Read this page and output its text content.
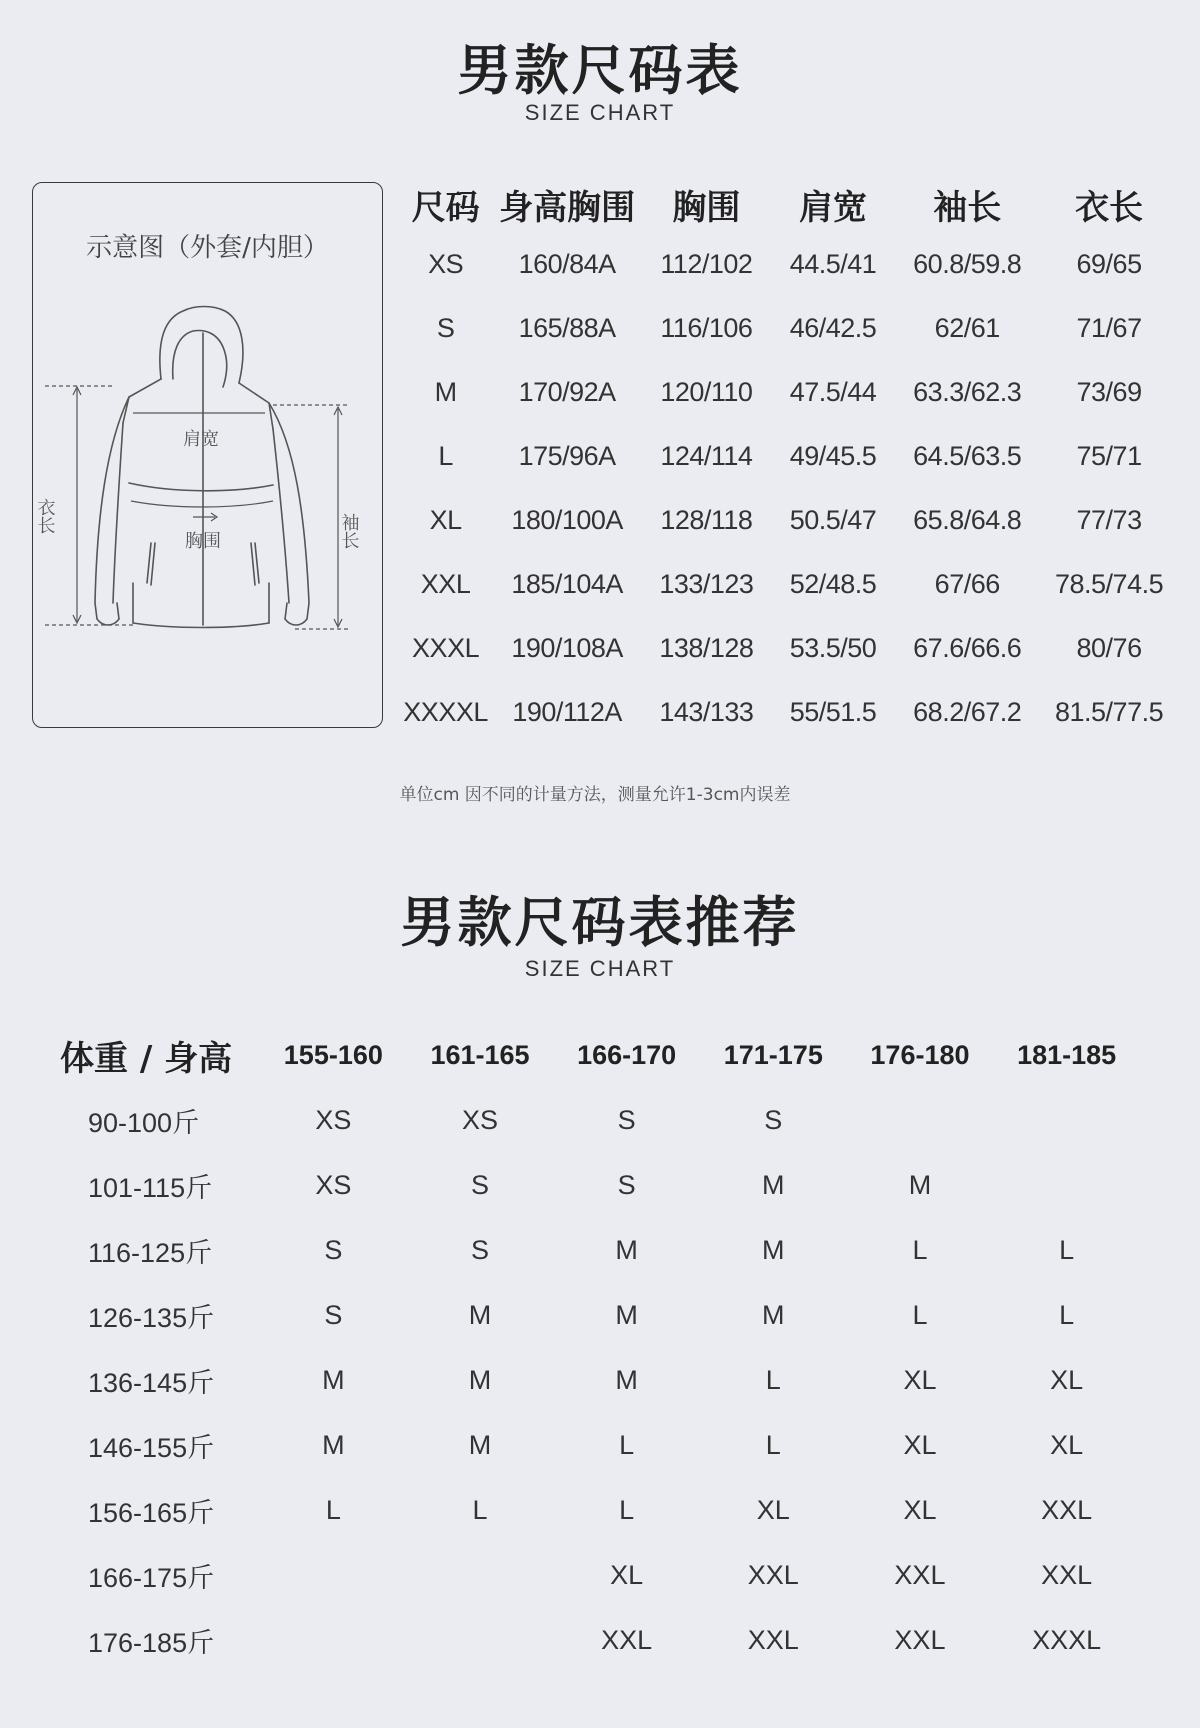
男款尺码表
SIZE CHART
示意图（外套/内胆）
肩宽
胸围
衣长	袖长
尺码	身高胸围	胸围	肩宽	袖长	衣长
XS	160/84A	112/102	44.5/41	60.8/59.8	69/65
S	165/88A	116/106	46/42.5	62/61	71/67
M	170/92A	120/110	47.5/44	63.3/62.3	73/69
L	175/96A	124/114	49/45.5	64.5/63.5	75/71
XL	180/100A	128/118	50.5/47	65.8/64.8	77/73
XXL	185/104A	133/123	52/48.5	67/66	78.5/74.5
XXXL	190/108A	138/128	53.5/50	67.6/66.6	80/76
XXXXL	190/112A	143/133	55/51.5	68.2/67.2	81.5/77.5
单位cm 因不同的计量方法，测量允许1-3cm内误差
男款尺码表推荐
SIZE CHART
体重 / 身高	155-160	161-165	166-170	171-175	176-180	181-185
90-100斤	XS	XS	S	S		
101-115斤	XS	S	S	M	M	
116-125斤	S	S	M	M	L	L
126-135斤	S	M	M	M	L	L
136-145斤	M	M	M	L	XL	XL
146-155斤	M	M	L	L	XL	XL
156-165斤	L	L	L	XL	XL	XXL
166-175斤			XL	XXL	XXL	XXL
176-185斤			XXL	XXL	XXL	XXXL
